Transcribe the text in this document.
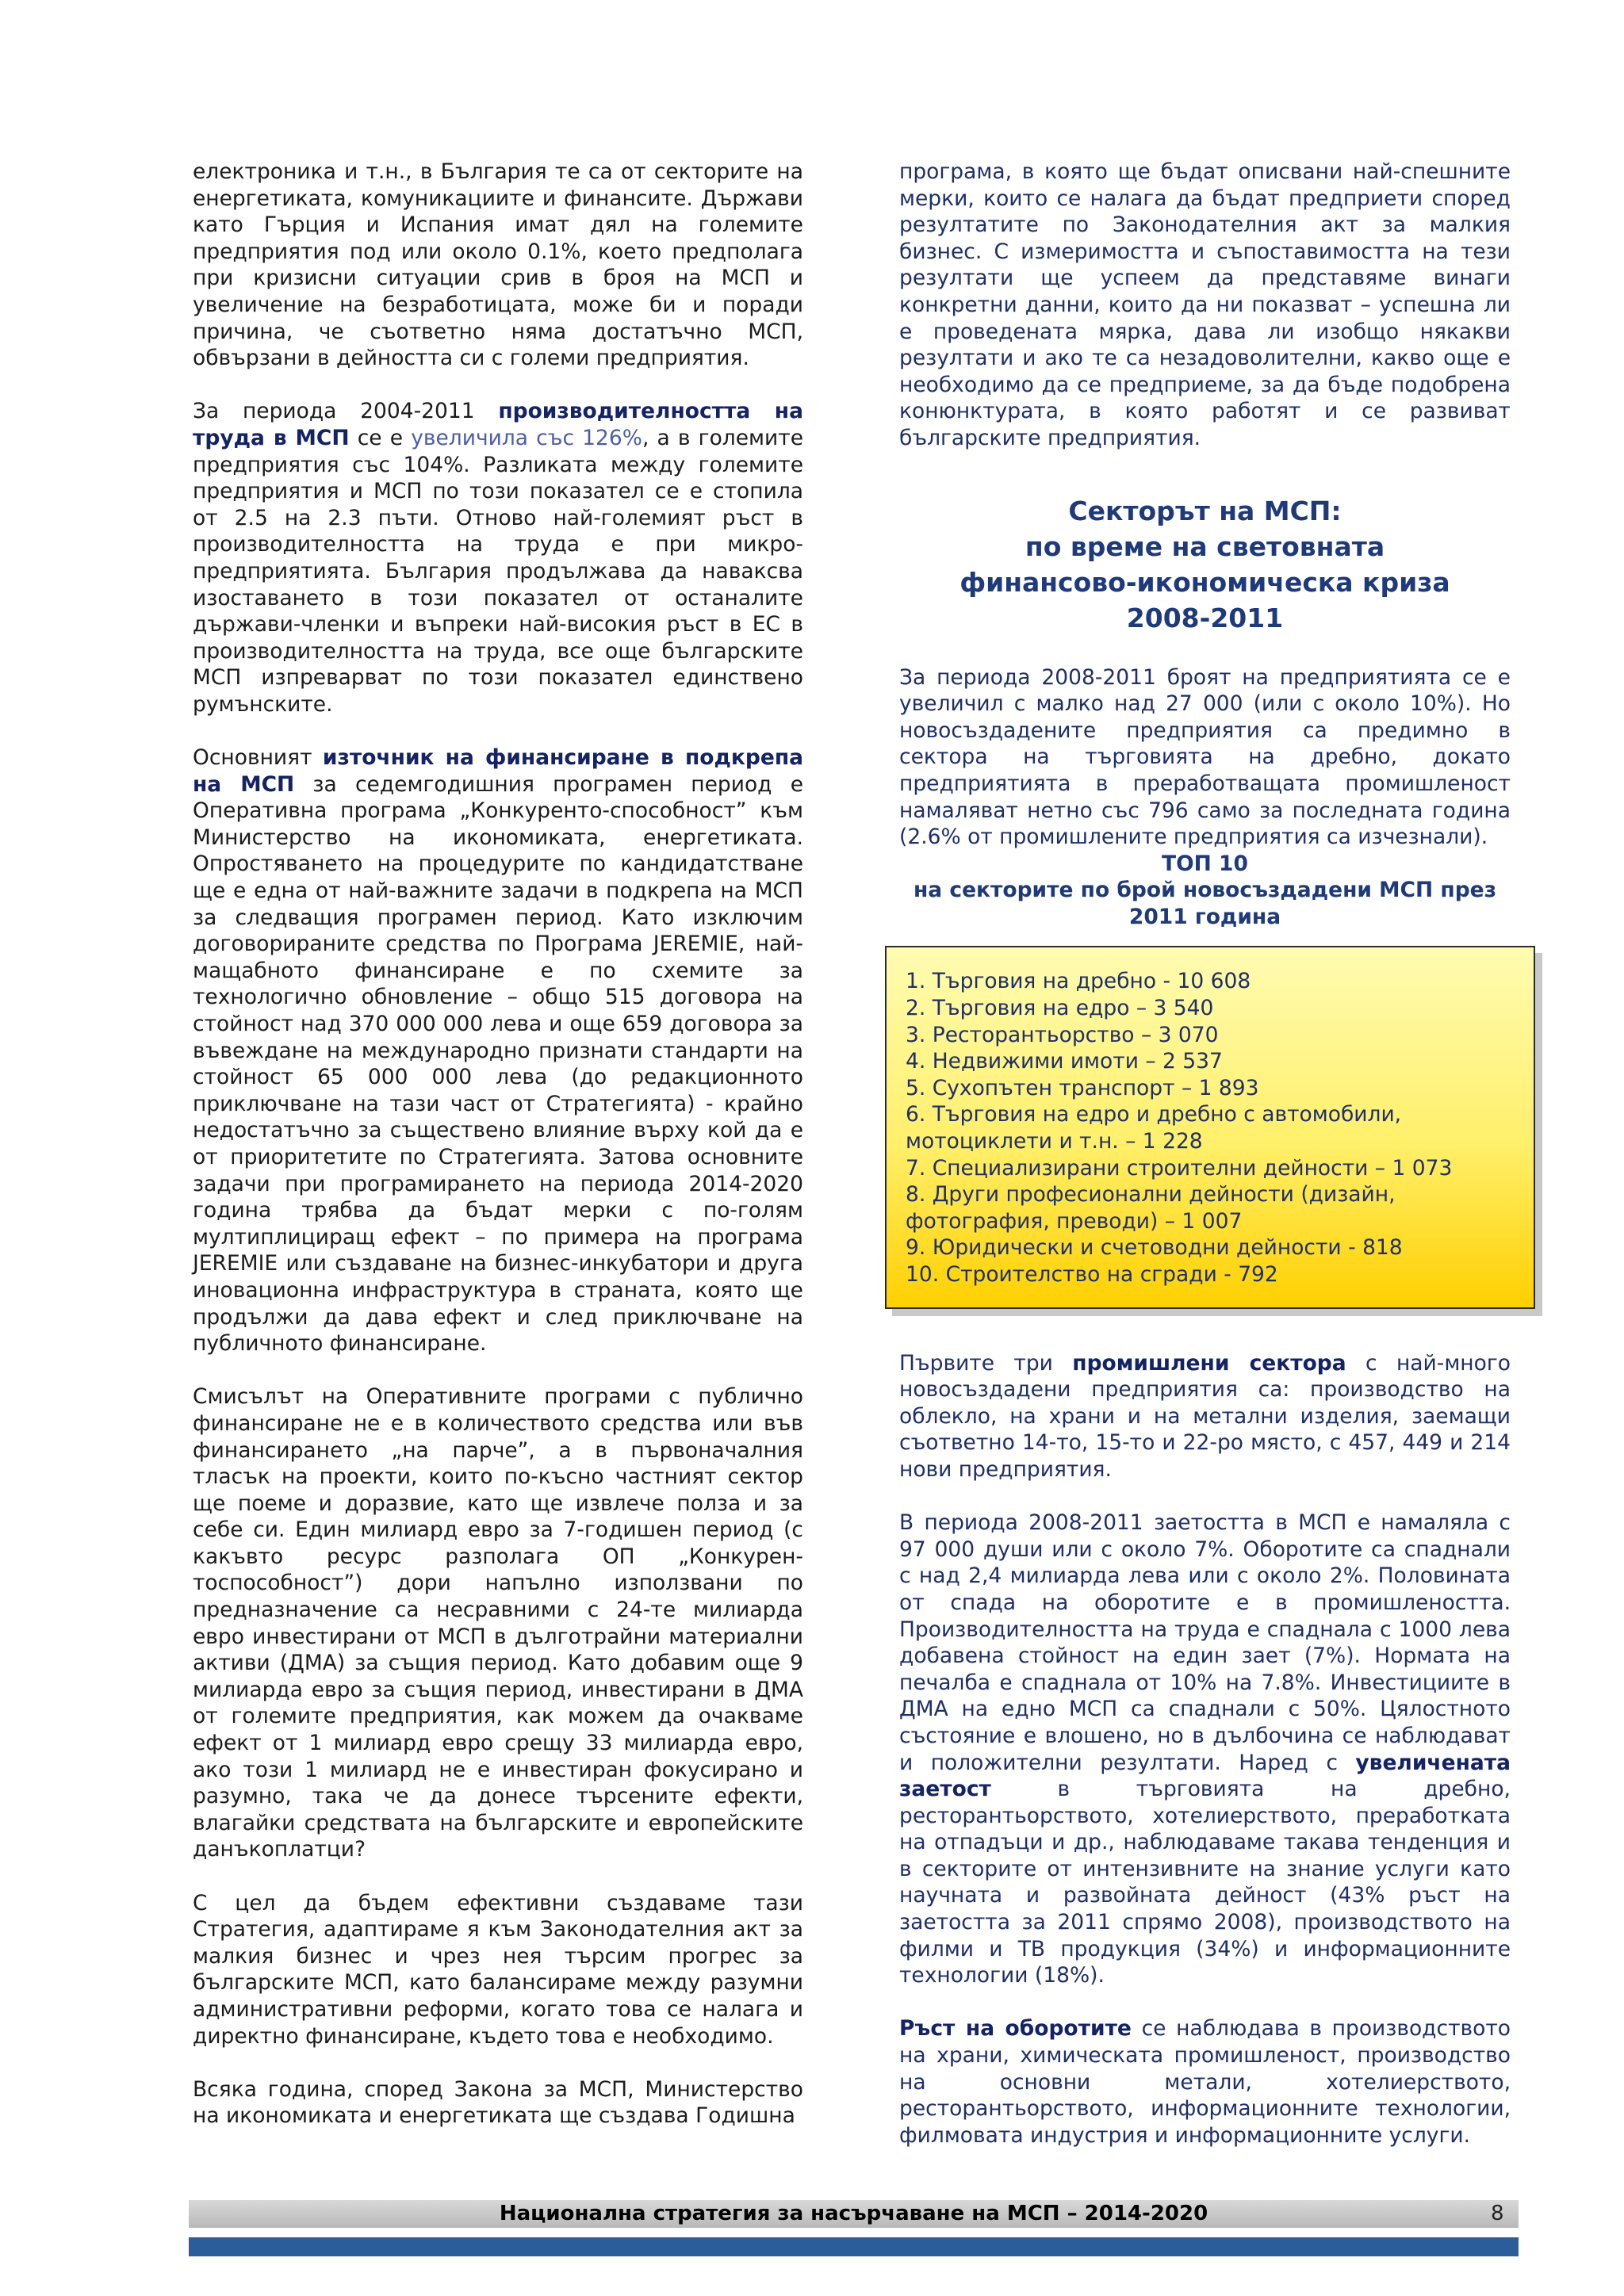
електроника и т.н., в България те са от секторите на енергетиката, комуникациите и финансите. Държави като Гърция и Испания имат дял на големите предприятия под или около 0.1%, което предполага при кризисни ситуации срив в броя на МСП и увеличение на безработицата, може би и поради причина, че съответно няма достатъчно МСП, обвързани в дейността си с големи предприятия.

За периода 2004-2011 производителността на труда в МСП се е увеличила със 126%, а в големите предприятия със 104%. Разликата между големите предприятия и МСП по този показател се е стопила от 2.5 на 2.3 пъти. Отново най-големият ръст в производителността на труда е при микро-предприятията. България продължава да наваксва изоставането в този показател от останалите държави-членки и въпреки най-високия ръст в ЕС в производителността на труда, все още българските МСП изпреварват по този показател единствено румънските.

Основният източник на финансиране в подкрепа на МСП за седемгодишния програмен период е Оперативна програма „Конкуренто-способност” към Министерство на икономиката, енергетиката. Опростяването на процедурите по кандидатстване ще е една от най-важните задачи в подкрепа на МСП за следващия програмен период. Като изключим договорираните средства по Програма JEREMIE, най-мащабното финансиране е по схемите за технологично обновление – общо 515 договора на стойност над 370 000 000 лева и още 659 договора за въвеждане на международно признати стандарти на стойност 65 000 000 лева (до редакционното приключване на тази част от Стратегията) - крайно недостатъчно за съществено влияние върху кой да е от приоритетите по Стратегията. Затова основните задачи при програмирането на периода 2014-2020 година трябва да бъдат мерки с по-голям мултиплициращ ефект – по примера на програма JEREMIE или създаване на бизнес-инкубатори и друга иновационна инфраструктура в страната, която ще продължи да дава ефект и след приключване на публичното финансиране.

Смисълът на Оперативните програми с публично финансиране не е в количеството средства или във финансирането „на парче”, а в първоначалния тласък на проекти, които по-късно частният сектор ще поеме и доразвие, като ще извлече полза и за себе си. Един милиард евро за 7-годишен период (с какъвто ресурс разполага ОП „Конкурен-тоспособност”) дори напълно използвани по предназначение са несравними с 24-те милиарда евро инвестирани от МСП в дълготрайни материални активи (ДМА) за същия период. Като добавим още 9 милиарда евро за същия период, инвестирани в ДМА от големите предприятия, как можем да очакваме ефект от 1 милиард евро срещу 33 милиарда евро, ако този 1 милиард не е инвестиран фокусирано и разумно, така че да донесе търсените ефекти, влагайки средствата на българските и европейските данъкоплатци?

С цел да бъдем ефективни създаваме тази Стратегия, адаптираме я към Законодателния акт за малкия бизнес и чрез нея търсим прогрес за българските МСП, като балансираме между разумни административни реформи, когато това се налага и директно финансиране, където това е необходимо.

Всяка година, според Закона за МСП, Министерство на икономиката и енергетиката ще създава Годишна

програма, в която ще бъдат описвани най-спешните мерки, които се налага да бъдат предприети според резултатите по Законодателния акт за малкия бизнес. С измеримостта и съпоставимостта на тези резултати ще успеем да представяме винаги конкретни данни, които да ни показват – успешна ли е проведената мярка, дава ли изобщо някакви резултати и ако те са незадоволителни, какво още е необходимо да се предприеме, за да бъде подобрена конюнктурата, в която работят и се развиват българските предприятия.

Секторът на МСП:
по време на световната
финансово-икономическа криза
2008-2011

За периода 2008-2011 броят на предприятията се е увеличил с малко над 27 000 (или с около 10%). Но новосъздадените предприятия са предимно в сектора на търговията на дребно, докато предприятията в преработващата промишленост намаляват нетно със 796 само за последната година (2.6% от промишлените предприятия са изчезнали).

ТОП 10
на секторите по брой новосъздадени МСП през
2011 година
1. Търговия на дребно - 10 608
2. Търговия на едро – 3 540
3. Ресторантьорство – 3 070
4. Недвижими имоти – 2 537
5. Сухопътен транспорт – 1 893
6. Търговия на едро и дребно с автомобили, мотоциклети и т.н. – 1 228
7. Специализирани строителни дейности – 1 073
8. Други професионални дейности (дизайн, фотография, преводи) – 1 007
9. Юридически и счетоводни дейности - 818
10. Строителство на сгради - 792

Първите три промишлени сектора с най-много новосъздадени предприятия са: производство на облекло, на храни и на метални изделия, заемащи съответно 14-то, 15-то и 22-ро място, с 457, 449 и 214 нови предприятия.

В периода 2008-2011 заетостта в МСП е намаляла с 97 000 души или с около 7%. Оборотите са спаднали с над 2,4 милиарда лева или с около 2%. Половината от спада на оборотите е в промишлеността. Производителността на труда е спаднала с 1000 лева добавена стойност на един зает (7%). Нормата на печалба е спаднала от 10% на 7.8%. Инвестициите в ДМА на едно МСП са спаднали с 50%. Цялостното състояние е влошено, но в дълбочина се наблюдават и положителни резултати. Наред с увеличената заетост в търговията на дребно, ресторантьорството, хотелиерството, преработката на отпадъци и др., наблюдаваме такава тенденция и в секторите от интензивните на знание услуги като научната и развойната дейност (43% ръст на заетостта за 2011 спрямо 2008), производството на филми и ТВ продукция (34%) и информационните технологии (18%).

Ръст на оборотите се наблюдава в производството на храни, химическата промишленост, производство на основни метали, хотелиерството, ресторантьорството, информационните технологии, филмовата индустрия и информационните услуги.

Национална стратегия за насърчаване на МСП – 2014-2020	8
